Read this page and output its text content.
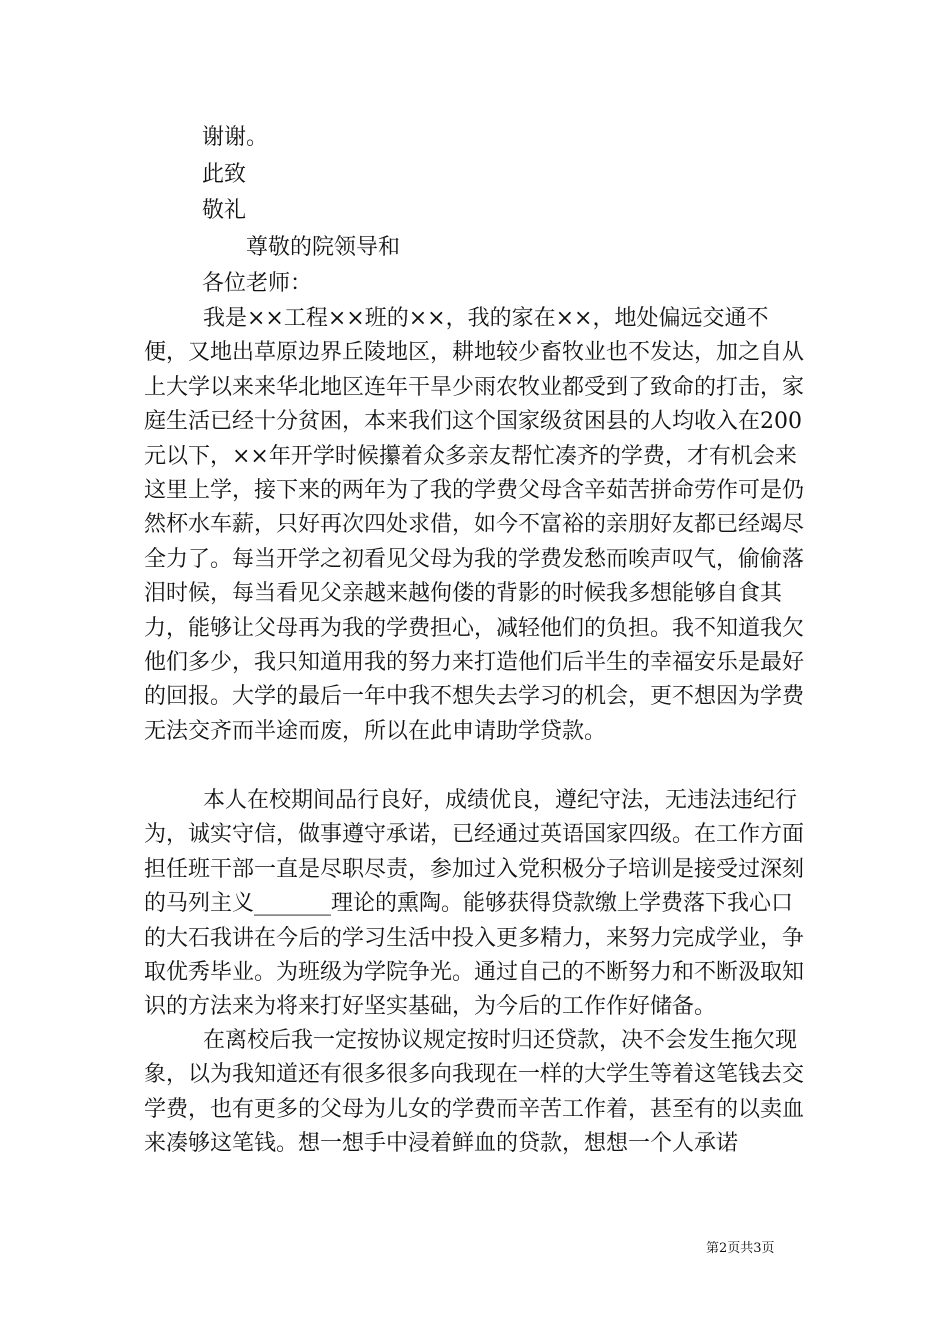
谢谢。
此致
敬礼
尊敬的院领导和
各位老师：
我是××工程××班的××，我的家在××，地处偏远交通不便，又地出草原边界丘陵地区，耕地较少畜牧业也不发达，加之自从上大学以来来华北地区连年干旱少雨农牧业都受到了致命的打击，家庭生活已经十分贫困，本来我们这个国家级贫困县的人均收入在200元以下，××年开学时候攥着众多亲友帮忙凑齐的学费，才有机会来这里上学，接下来的两年为了我的学费父母含辛茹苦拼命劳作可是仍然杯水车薪，只好再次四处求借，如今不富裕的亲朋好友都已经竭尽全力了。每当开学之初看见父母为我的学费发愁而唉声叹气，偷偷落泪时候，每当看见父亲越来越佝偻的背影的时候我多想能够自食其力，能够让父母再为我的学费担心，减轻他们的负担。我不知道我欠他们多少，我只知道用我的努力来打造他们后半生的幸福安乐是最好的回报。大学的最后一年中我不想失去学习的机会，更不想因为学费无法交齐而半途而废，所以在此申请助学贷款。
本人在校期间品行良好，成绩优良，遵纪守法，无违法违纪行为，诚实守信，做事遵守承诺，已经通过英语国家四级。在工作方面担任班干部一直是尽职尽责，参加过入党积极分子培训是接受过深刻的马列主义_______理论的熏陶。能够获得贷款缴上学费落下我心口的大石我讲在今后的学习生活中投入更多精力，来努力完成学业，争取优秀毕业。为班级为学院争光。通过自己的不断努力和不断汲取知识的方法来为将来打好坚实基础，为今后的工作作好储备。
在离校后我一定按协议规定按时归还贷款，决不会发生拖欠现象，以为我知道还有很多很多向我现在一样的大学生等着这笔钱去交学费，也有更多的父母为儿女的学费而辛苦工作着，甚至有的以卖血来凑够这笔钱。想一想手中浸着鲜血的贷款，想想一个人承诺
第2页共3页
